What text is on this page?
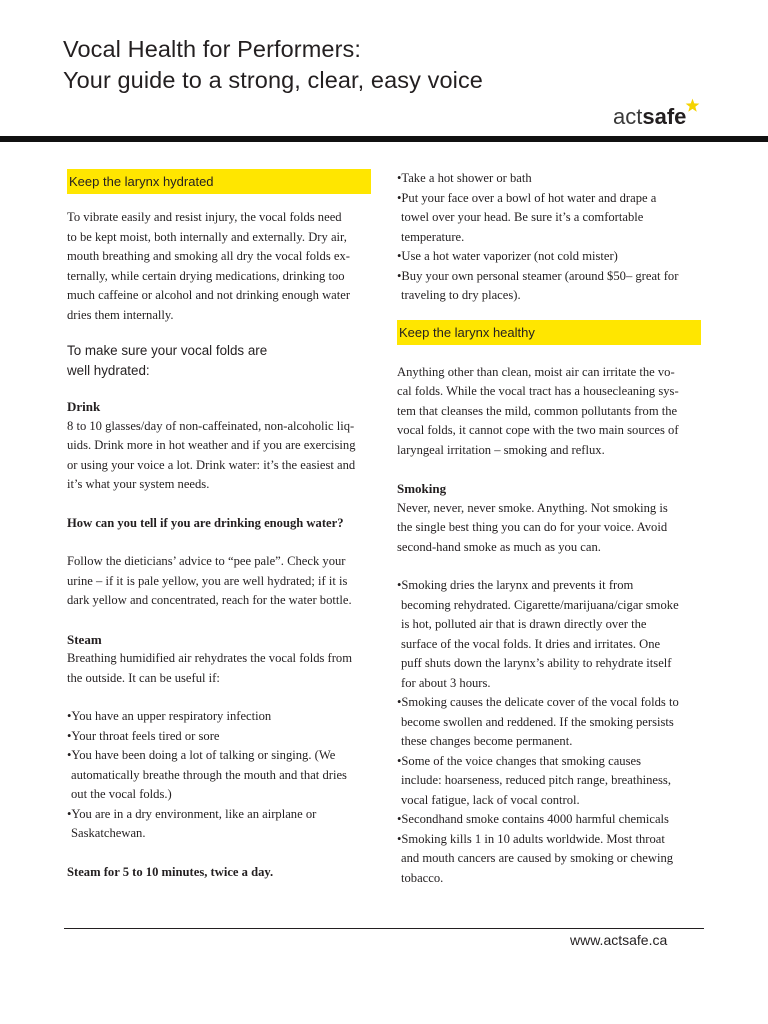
Vocal Health for Performers:
Your guide to a strong, clear, easy voice
actsafe
Keep the larynx hydrated
To vibrate easily and resist injury, the vocal folds need
to be kept moist, both internally and externally. Dry air,
mouth breathing and smoking all dry the vocal folds ex-
ternally, while certain drying medications, drinking too
much caffeine or alcohol and not drinking enough water
dries them internally.
To make sure your vocal folds are
well hydrated:
Drink
8 to 10 glasses/day of non-caffeinated, non-alcoholic liq-
uids. Drink more in hot weather and if you are exercising
or using your voice a lot. Drink water: it’s the easiest and
it’s what your system needs.
How can you tell if you are drinking enough water?
Follow the dieticians’ advice to “pee pale”. Check your
urine – if it is pale yellow, you are well hydrated; if it is
dark yellow and concentrated, reach for the water bottle.
Steam
Breathing humidified air rehydrates the vocal folds from
the outside. It can be useful if:
•You have an upper respiratory infection
•Your throat feels tired or sore
•You have been doing a lot of talking or singing. (We
automatically breathe through the mouth and that dries
out the vocal folds.)
•You are in a dry environment, like an airplane or
Saskatchewan.
Steam for 5 to 10 minutes, twice a day.
•Take a hot shower or bath
•Put your face over a bowl of hot water and drape a
towel over your head. Be sure it’s a comfortable
temperature.
•Use a hot water vaporizer (not cold mister)
•Buy your own personal steamer (around $50– great for
traveling to dry places).
Keep the larynx healthy
Anything other than clean, moist air can irritate the vo-
cal folds. While the vocal tract has a housecleaning sys-
tem that cleanses the mild, common pollutants from the
vocal folds, it cannot cope with the two main sources of
laryngeal irritation – smoking and reflux.
Smoking
Never, never, never smoke. Anything. Not smoking is
the single best thing you can do for your voice. Avoid
second-hand smoke as much as you can.
•Smoking dries the larynx and prevents it from
becoming rehydrated. Cigarette/marijuana/cigar smoke
is hot, polluted air that is drawn directly over the
surface of the vocal folds. It dries and irritates. One
puff shuts down the larynx’s ability to rehydrate itself
for about 3 hours.
•Smoking causes the delicate cover of the vocal folds to
become swollen and reddened. If the smoking persists
these changes become permanent.
•Some of the voice changes that smoking causes
include: hoarseness, reduced pitch range, breathiness,
vocal fatigue, lack of vocal control.
•Secondhand smoke contains 4000 harmful chemicals
•Smoking kills 1 in 10 adults worldwide. Most throat
and mouth cancers are caused by smoking or chewing
tobacco.
www.actsafe.ca
